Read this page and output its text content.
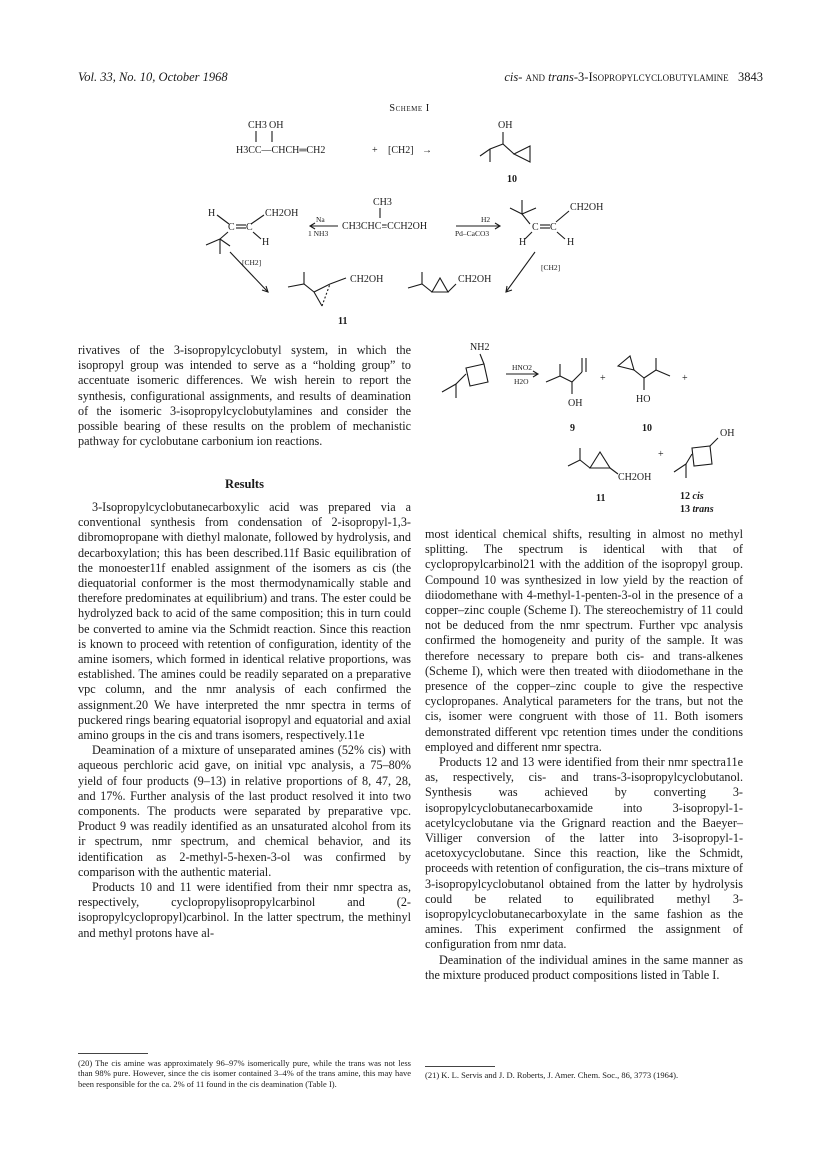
Vol. 33, No. 10, October 1968	cis- and trans-3-Isopropylcyclobutylamine 3843
Scheme I
CH3 OH
H3CC—CHCH═CH2	+ [CH2] →
OH
10
H	CH2OH
C C
H
Na
1 NH3
CH3
CH3CHC≡CCH2OH
H2
Pd–CaCO3
CH2OH
C C
H	H
[CH2]
CH2OH	CH2OH
[CH2]
11
NH2
HNO2
H2O
OH
+
9
HO
+
10
CH2OH
+
11
OH
12 cis
13 trans

rivatives of the 3-isopropylcyclobutyl system, in which the isopropyl group was intended to serve as a “holding group” to accentuate isomeric differences. We wish herein to report the synthesis, configurational assignments, and results of deamination of the isomeric 3-isopropylcyclobutylamines and consider the possible bearing of these results on the problem of mechanistic pathway for cyclobutane carbonium ion reactions.

Results

3-Isopropylcyclobutanecarboxylic acid was prepared via a conventional synthesis from condensation of 2-isopropyl-1,3-dibromopropane with diethyl malonate, followed by hydrolysis, and decarboxylation; this has been described.11f Basic equilibration of the monoester11f enabled assignment of the isomers as cis (the diequatorial conformer is the most thermodynamically stable and therefore predominates at equilibrium) and trans. The ester could be hydrolyzed back to acid of the same composition; this in turn could be converted to amine via the Schmidt reaction. Since this reaction is known to proceed with retention of configuration, identity of the amine isomers, which formed in identical relative proportions, was established. The amines could be readily separated on a preparative vpc column, and the nmr analysis of each confirmed the assignment.20 We have interpreted the nmr spectra in terms of puckered rings bearing equatorial isopropyl and equatorial and axial amino groups in the cis and trans isomers, respectively.11e

Deamination of a mixture of unseparated amines (52% cis) with aqueous perchloric acid gave, on initial vpc analysis, a 75–80% yield of four products (9–13) in relative proportions of 8, 47, 28, and 17%. Further analysis of the last product resolved it into two components. The products were separated by preparative vpc. Product 9 was readily identified as an unsaturated alcohol from its ir spectrum, nmr spectrum, and chemical behavior, and its identification as 2-methyl-5-hexen-3-ol was confirmed by comparison with the authentic material.

Products 10 and 11 were identified from their nmr spectra as, respectively, cyclopropylisopropylcarbinol and (2-isopropylcyclopropyl)carbinol. In the latter spectrum, the methinyl and methyl protons have al-

most identical chemical shifts, resulting in almost no methyl splitting. The spectrum is identical with that of cyclopropylcarbinol21 with the addition of the isopropyl group. Compound 10 was synthesized in low yield by the reaction of diiodomethane with 4-methyl-1-penten-3-ol in the presence of a copper–zinc couple (Scheme I). The stereochemistry of 11 could not be deduced from the nmr spectrum. Further vpc analysis confirmed the homogeneity and purity of the sample. It was therefore necessary to prepare both cis- and trans-alkenes (Scheme I), which were then treated with diiodomethane in the presence of the copper–zinc couple to give the respective cyclopropanes. Analytical parameters for the trans, but not the cis, isomer were congruent with those of 11. Both isomers demonstrated different vpc retention times under the conditions employed and different nmr spectra.

Products 12 and 13 were identified from their nmr spectra11e as, respectively, cis- and trans-3-isopropylcyclobutanol. Synthesis was achieved by converting 3-isopropylcyclobutanecarboxamide into 3-isopropyl-1-acetylcyclobutane via the Grignard reaction and the Baeyer–Villiger conversion of the latter into 3-isopropyl-1-acetoxycyclobutane. Since this reaction, like the Schmidt, proceeds with retention of configuration, the cis–trans mixture of 3-isopropylcyclobutanol obtained from the latter by hydrolysis could be related to equilibrated methyl 3-isopropylcyclobutanecarboxylate in the same fashion as the amines. This experiment confirmed the assignment of configuration from nmr data.

Deamination of the individual amines in the same manner as the mixture produced product compositions listed in Table I.

(20) The cis amine was approximately 96–97% isomerically pure, while the trans was not less than 98% pure. However, since the cis isomer contained 3–4% of the trans amine, this may have been responsible for the ca. 2% of 11 found in the cis deamination (Table I).
(21) K. L. Servis and J. D. Roberts, J. Amer. Chem. Soc., 86, 3773 (1964).
